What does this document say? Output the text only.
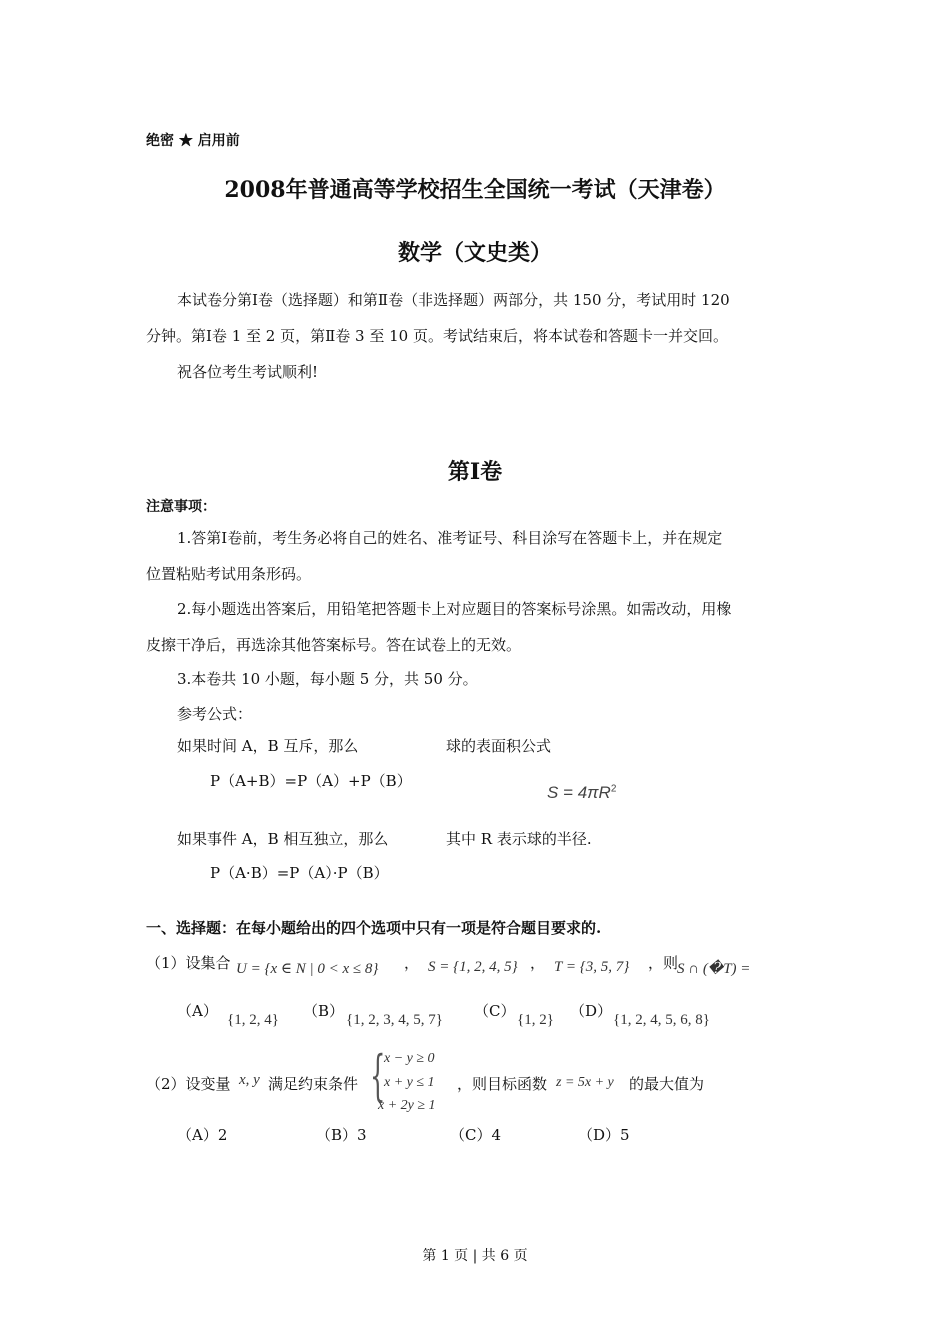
绝密 ★ 启用前
2008年普通高等学校招生全国统一考试（天津卷）
数学（文史类）
本试卷分第Ⅰ卷（选择题）和第Ⅱ卷（非选择题）两部分，共 150 分，考试用时 120
分钟。第Ⅰ卷 1 至 2 页，第Ⅱ卷 3 至 10 页。考试结束后，将本试卷和答题卡一并交回。
祝各位考生考试顺利!
第Ⅰ卷
注意事项：
1.答第Ⅰ卷前，考生务必将自己的姓名、准考证号、科目涂写在答题卡上，并在规定
位置粘贴考试用条形码。
2.每小题选出答案后，用铅笔把答题卡上对应题目的答案标号涂黑。如需改动，用橡
皮擦干净后，再选涂其他答案标号。答在试卷上的无效。
3.本卷共 10 小题，每小题 5 分，共 50 分。
参考公式：
如果时间 A，B 互斥，那么	球的表面积公式
P（A+B）=P（A）+P（B）
$S = 4\pi R^2$
如果事件 A，B 相互独立，那么	其中 R 表示球的半径.
P（A·B）=P（A）·P（B）
一、选择题：在每小题给出的四个选项中只有一项是符合题目要求的.
（1）设集合 U = {x ∈ N | 0 < x ≤ 8} ， S = {1, 2, 4, 5} ， T = {3, 5, 7} ，则
S ∩ (�T) =
（A） {1, 2, 4} （B） {1, 2, 3, 4, 5, 7} （C） {1, 2} （D） {1, 2, 4, 5, 6, 8}
（2）设变量 x, y 满足约束条件 {
x − y ≥ 0
x + y ≤ 1
x + 2y ≥ 1
，则目标函数 z = 5x + y 的最大值为
（A）2	（B）3	（C）4	（D）5
第 1 页 | 共 6 页
